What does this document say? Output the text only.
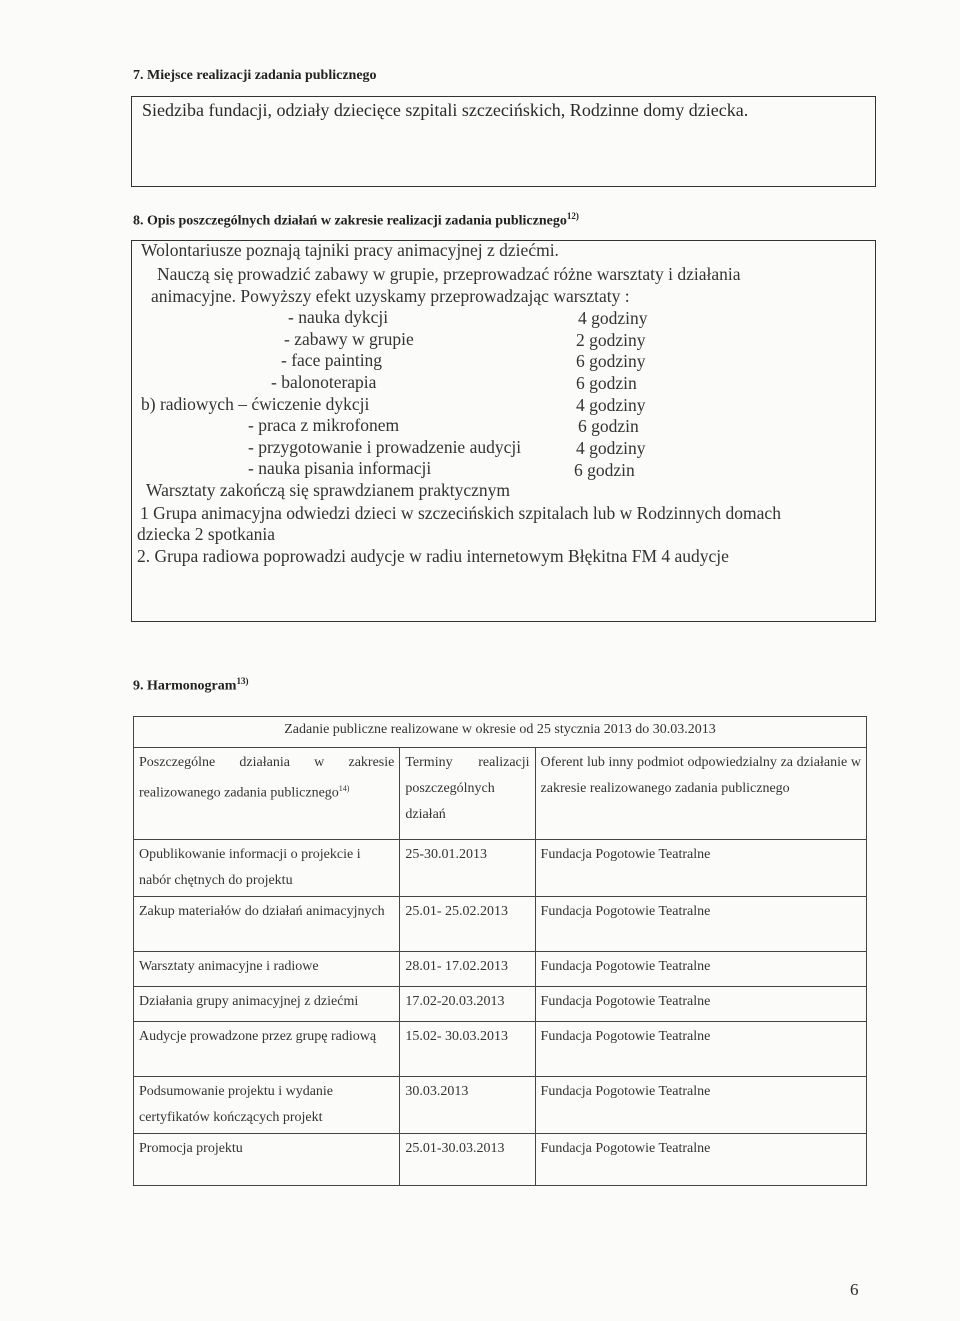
7. Miejsce realizacji zadania publicznego
Siedziba fundacji, odziały dziecięce szpitali szczecińskich, Rodzinne domy dziecka.
8. Opis poszczególnych działań w zakresie realizacji zadania publicznego$^{12)}$
Wolontariusze poznają tajniki pracy animacyjnej z dziećmi.
Nauczą się prowadzić zabawy w grupie, przeprowadzać różne warsztaty i działania
animacyjne. Powyższy efekt uzyskamy przeprowadzając warsztaty :
- nauka dykcji	4 godziny
- zabawy w grupie	2 godziny
- face painting	6 godziny
- balonoterapia	6 godzin
b) radiowych – ćwiczenie dykcji	4 godziny
- praca z mikrofonem	6 godzin
- przygotowanie i prowadzenie audycji	4 godziny
- nauka pisania informacji	6 godzin
Warsztaty zakończą się sprawdzianem praktycznym
1 Grupa animacyjna odwiedzi dzieci w szczecińskich szpitalach lub w Rodzinnych domach
dziecka 2 spotkania
2. Grupa radiowa poprowadzi audycje w radiu internetowym Błękitna FM 4 audycje
9. Harmonogram$^{13)}$
Zadanie publiczne realizowane w okresie od 25 stycznia 2013 do 30.03.2013		
Poszczególne działania w zakresie realizowanego zadania publicznego$^{14)}$	Terminy realizacji poszczególnych działań	Oferent lub inny podmiot odpowiedzialny za działanie w zakresie realizowanego zadania publicznego
Opublikowanie informacji o projekcie i nabór chętnych do projektu	25-30.01.2013	Fundacja Pogotowie Teatralne
Zakup materiałów do działań animacyjnych	25.01- 25.02.2013	Fundacja Pogotowie Teatralne
Warsztaty animacyjne i radiowe	28.01- 17.02.2013	Fundacja Pogotowie Teatralne
Działania grupy animacyjnej z dziećmi	17.02-20.03.2013	Fundacja Pogotowie Teatralne
Audycje prowadzone przez grupę radiową	15.02- 30.03.2013	Fundacja Pogotowie Teatralne
Podsumowanie projektu i wydanie certyfikatów kończących projekt	30.03.2013	Fundacja Pogotowie Teatralne
Promocja projektu	25.01-30.03.2013	Fundacja Pogotowie Teatralne
6
